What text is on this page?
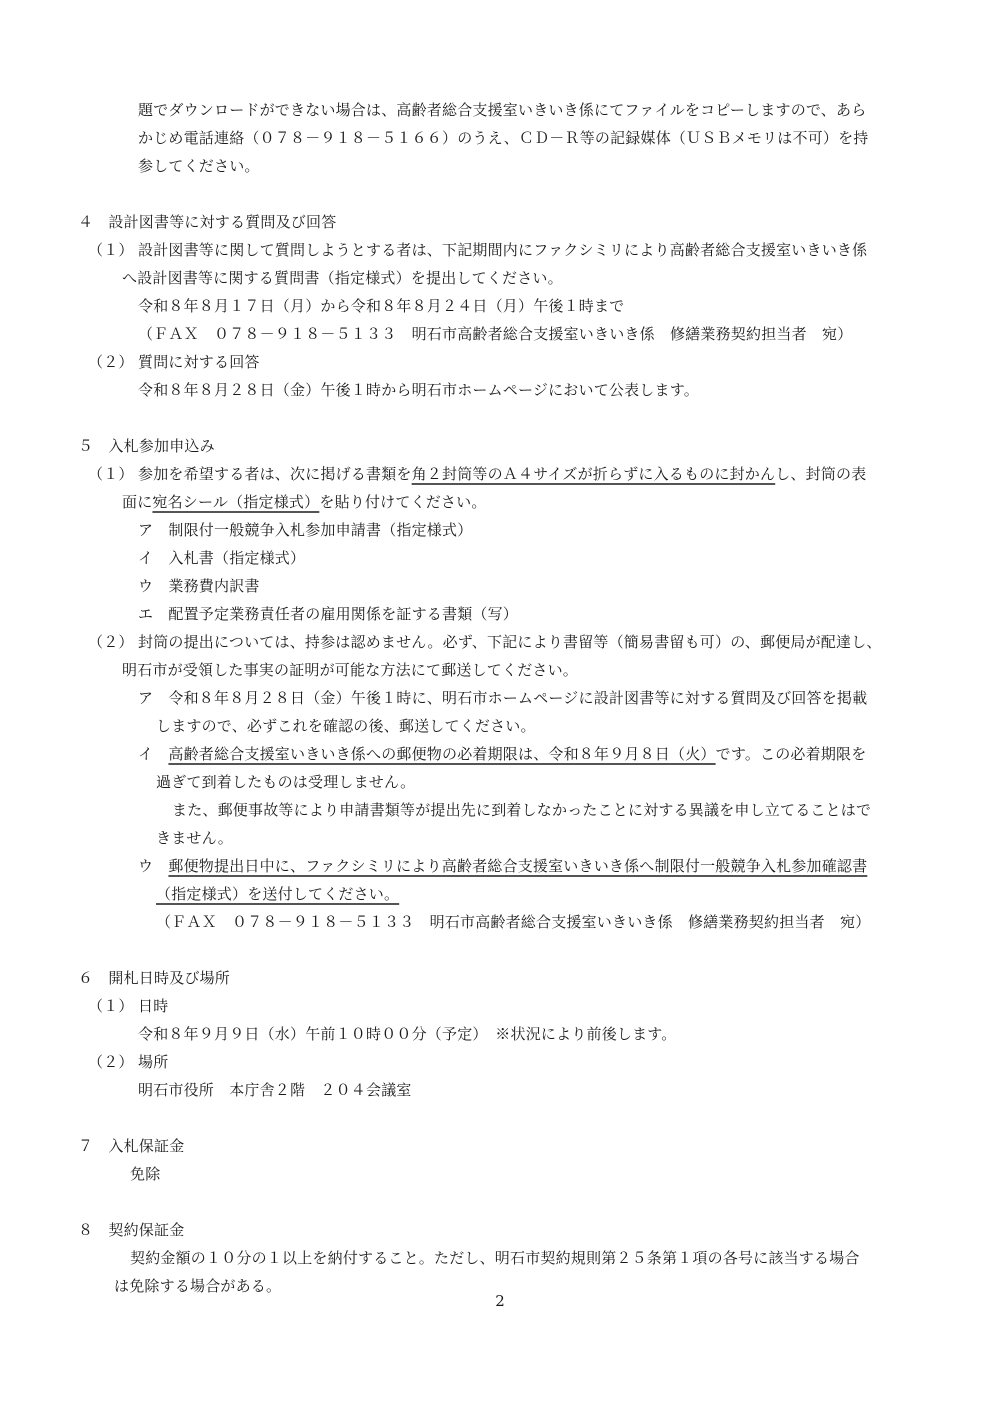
題でダウンロードができない場合は、高齢者総合支援室いきいき係にてファイルをコピーしますので、あら
かじめ電話連絡（０７８－９１８－５１６６）のうえ、ＣＤ－Ｒ等の記録媒体（ＵＳＢメモリは不可）を持
参してください。
４　設計図書等に対する質問及び回答
（１） 設計図書等に関して質問しようとする者は、下記期間内にファクシミリにより高齢者総合支援室いきいき係
へ設計図書等に関する質問書（指定様式）を提出してください。
令和８年８月１７日（月）から令和８年８月２４日（月）午後１時まで
（ＦＡＸ　０７８－９１８－５１３３　明石市高齢者総合支援室いきいき係　修繕業務契約担当者　宛）
（２） 質問に対する回答
令和８年８月２８日（金）午後１時から明石市ホームページにおいて公表します。
５　入札参加申込み
（１） 参加を希望する者は、次に掲げる書類を角２封筒等のＡ４サイズが折らずに入るものに封かんし、封筒の表
面に宛名シール（指定様式）を貼り付けてください。
ア　制限付一般競争入札参加申請書（指定様式）
イ　入札書（指定様式）
ウ　業務費内訳書
エ　配置予定業務責任者の雇用関係を証する書類（写）
（２） 封筒の提出については、持参は認めません。必ず、下記により書留等（簡易書留も可）の、郵便局が配達し、
明石市が受領した事実の証明が可能な方法にて郵送してください。
ア　令和８年８月２８日（金）午後１時に、明石市ホームページに設計図書等に対する質問及び回答を掲載
しますので、必ずこれを確認の後、郵送してください。
イ　高齢者総合支援室いきいき係への郵便物の必着期限は、令和８年９月８日（火）です。この必着期限を
過ぎて到着したものは受理しません。
また、郵便事故等により申請書類等が提出先に到着しなかったことに対する異議を申し立てることはで
きません。
ウ　郵便物提出日中に、ファクシミリにより高齢者総合支援室いきいき係へ制限付一般競争入札参加確認書
（指定様式）を送付してください。
（ＦＡＸ　０７８－９１８－５１３３　明石市高齢者総合支援室いきいき係　修繕業務契約担当者　宛）
６　開札日時及び場所
（１） 日時
令和８年９月９日（水）午前１０時００分（予定）　※状況により前後します。
（２） 場所
明石市役所　本庁舎２階　２０４会議室
７　入札保証金
免除
８　契約保証金
契約金額の１０分の１以上を納付すること。ただし、明石市契約規則第２５条第１項の各号に該当する場合
は免除する場合がある。
2
